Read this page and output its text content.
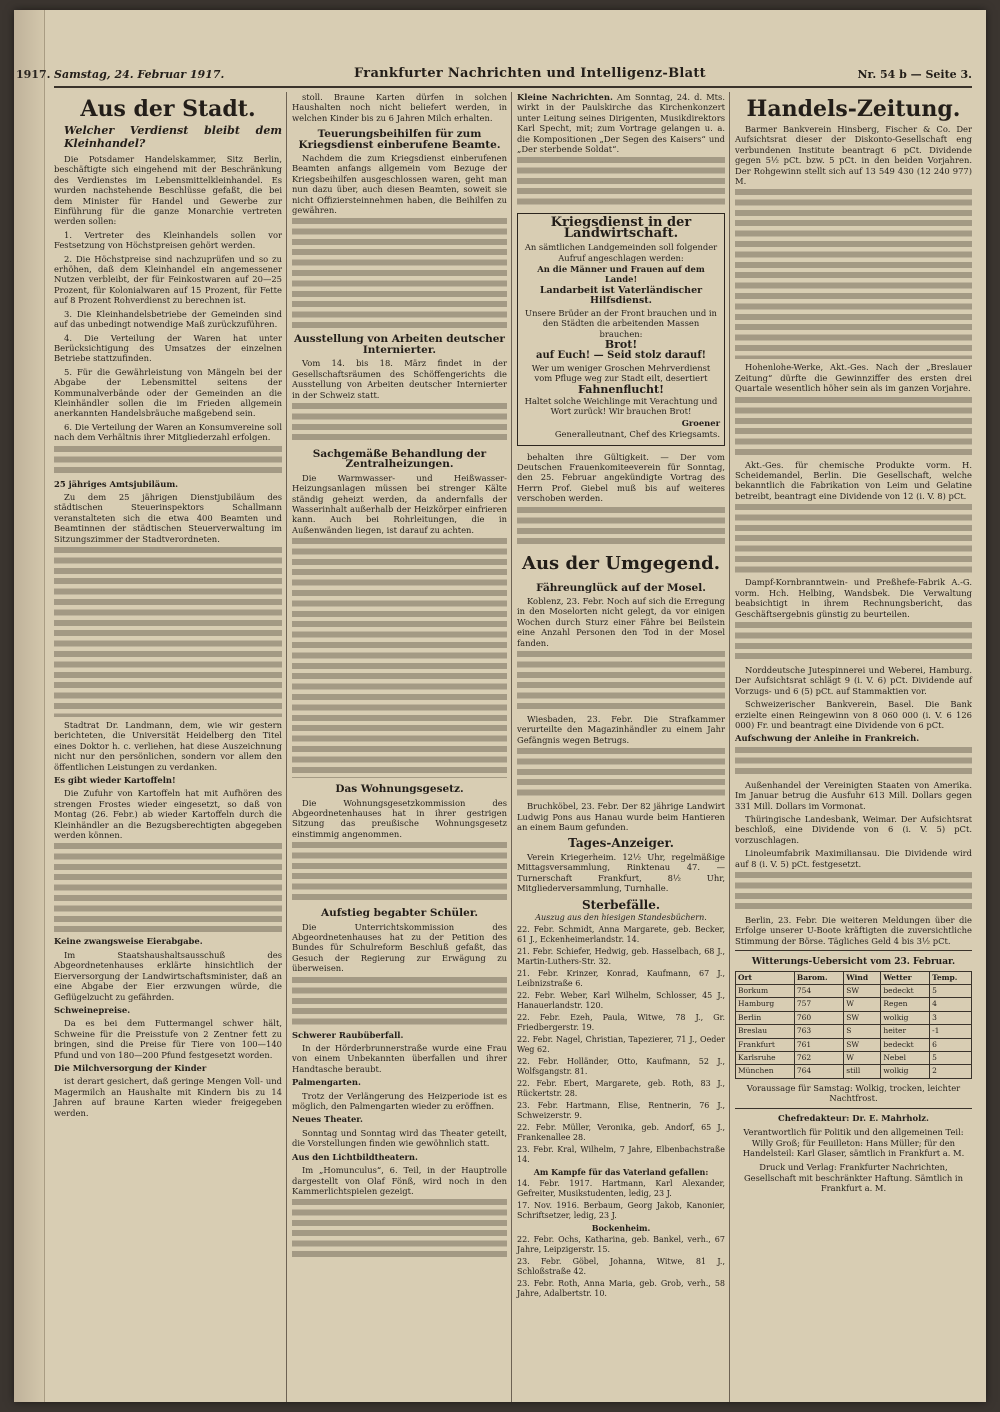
1917. Samstag, 24. Februar 1917.	Frankfurter Nachrichten und Intelligenz-Blatt	Nr. 54 b — Seite 3.
Aus der Stadt.
Welcher Verdienst bleibt dem Kleinhandel?

Die Potsdamer Handelskammer, Sitz Berlin, beschäftigte sich eingehend mit der Beschränkung des Verdienstes im Lebensmittelkleinhandel. Es wurden nachstehende Beschlüsse gefaßt, die bei dem Minister für Handel und Gewerbe zur Einführung für die ganze Monarchie vertreten werden sollen:

1. Vertreter des Kleinhandels sollen vor Festsetzung von Höchstpreisen gehört werden.

2. Die Höchstpreise sind nachzuprüfen und so zu erhöhen, daß dem Kleinhandel ein angemessener Nutzen verbleibt, der für Feinkostwaren auf 20—25 Prozent, für Kolonialwaren auf 15 Prozent, für Fette auf 8 Prozent Rohverdienst zu berechnen ist.

3. Die Kleinhandelsbetriebe der Gemeinden sind auf das unbedingt notwendige Maß zurückzuführen.

4. Die Verteilung der Waren hat unter Berücksichtigung des Umsatzes der einzelnen Betriebe stattzufinden.

5. Für die Gewährleistung von Mängeln bei der Abgabe der Lebensmittel seitens der Kommunalverbände oder der Gemeinden an die Kleinhändler sollen die im Frieden allgemein anerkannten Handelsbräuche maßgebend sein.

6. Die Verteilung der Waren an Konsumvereine soll nach dem Verhältnis ihrer Mitgliederzahl erfolgen.

25 jähriges Amtsjubiläum.

Zu dem 25 jährigen Dienstjubiläum des städtischen Steuerinspektors Schallmann veranstalteten sich die etwa 400 Beamten und Beamtinnen der städtischen Steuerverwaltung im Sitzungszimmer der Stadtverordneten.

Stadtrat Dr. Landmann, dem, wie wir gestern berichteten, die Universität Heidelberg den Titel eines Doktor h. c. verliehen, hat diese Auszeichnung nicht nur den persönlichen, sondern vor allem den öffentlichen Leistungen zu verdanken.

Es gibt wieder Kartoffeln!

Die Zufuhr von Kartoffeln hat mit Aufhören des strengen Frostes wieder eingesetzt, so daß von Montag (26. Febr.) ab wieder Kartoffeln durch die Kleinhändler an die Bezugsberechtigten abgegeben werden können.

Keine zwangsweise Eierabgabe.

Im Staatshaushaltsausschuß des Abgeordnetenhauses erklärte hinsichtlich der Eierversorgung der Landwirtschaftsminister, daß an eine Abgabe der Eier erzwungen würde, die Geflügelzucht zu gefährden.

Schweinepreise.

Da es bei dem Futtermangel schwer hält, Schweine für die Preisstufe von 2 Zentner fett zu bringen, sind die Preise für Tiere von 100—140 Pfund und von 180—200 Pfund festgesetzt worden.

Die Milchversorgung der Kinder

ist derart gesichert, daß geringe Mengen Voll- und Magermilch an Haushalte mit Kindern bis zu 14 Jahren auf braune Karten wieder freigegeben werden.

stoll. Braune Karten dürfen in solchen Haushalten noch nicht beliefert werden, in welchen Kinder bis zu 6 Jahren Milch erhalten.

Teuerungsbeihilfen für zum Kriegsdienst einberufene Beamte.

Nachdem die zum Kriegsdienst einberufenen Beamten anfangs allgemein vom Bezuge der Kriegsbeihilfen ausgeschlossen waren, geht man nun dazu über, auch diesen Beamten, soweit sie nicht Offiziersteinnehmen haben, die Beihilfen zu gewähren.

Ausstellung von Arbeiten deutscher Internierter.

Vom 14. bis 18. März findet in der Gesellschaftsräumen des Schöffengerichts die Ausstellung von Arbeiten deutscher Internierter in der Schweiz statt.

Sachgemäße Behandlung der Zentralheizungen.

Die Warmwasser- und Heißwasser-Heizungsanlagen müssen bei strenger Kälte ständig geheizt werden, da andernfalls der Wasserinhalt außerhalb der Heizkörper einfrieren kann. Auch bei Rohrleitungen, die in Außenwänden liegen, ist darauf zu achten.

Das Wohnungsgesetz.

Die Wohnungsgesetzkommission des Abgeordnetenhauses hat in ihrer gestrigen Sitzung das preußische Wohnungsgesetz einstimmig angenommen.

Aufstieg begabter Schüler.

Die Unterrichtskommission des Abgeordnetenhauses hat zu der Petition des Bundes für Schulreform Beschluß gefaßt, das Gesuch der Regierung zur Erwägung zu überweisen.

Schwerer Raubüberfall.

In der Hörderbrunnerstraße wurde eine Frau von einem Unbekannten überfallen und ihrer Handtasche beraubt.

Palmengarten.

Trotz der Verlängerung des Heizperiode ist es möglich, den Palmengarten wieder zu eröffnen.

Neues Theater.

Sonntag und Sonntag wird das Theater geteilt, die Vorstellungen finden wie gewöhnlich statt.

Aus den Lichtbildtheatern.

Im „Homunculus“, 6. Teil, in der Hauptrolle dargestellt von Olaf Fönß, wird noch in den Kammerlichtspielen gezeigt.

Kleine Nachrichten. Am Sonntag, 24. d. Mts. wirkt in der Paulskirche das Kirchenkonzert unter Leitung seines Dirigenten, Musikdirektors Karl Specht, mit; zum Vortrage gelangen u. a. die Kompositionen „Der Segen des Kaisers“ und „Der sterbende Soldat“.

Kriegsdienst in der Landwirtschaft.
An sämtlichen Landgemeinden soll folgender Aufruf angeschlagen werden:
An die Männer und Frauen auf dem Lande!
Landarbeit ist Vaterländischer Hilfsdienst.
Unsere Brüder an der Front brauchen und in den Städten die arbeitenden Massen brauchen:
Brot!
auf Euch! — Seid stolz darauf!
Wer um weniger Groschen Mehrverdienst vom Pfluge weg zur Stadt eilt, desertiert
Fahnenflucht!
Haltet solche Weichlinge mit Verachtung und Wort zurück! Wir brauchen Brot!
Groener
Generalleutnant, Chef des Kriegsamts.

behalten ihre Gültigkeit. — Der vom Deutschen Frauenkomiteeverein für Sonntag, den 25. Februar angekündigte Vortrag des Herrn Prof. Giebel muß bis auf weiteres verschoben werden.

Aus der Umgegend.
Fähreunglück auf der Mosel.

Koblenz, 23. Febr. Noch auf sich die Erregung in den Moselorten nicht gelegt, da vor einigen Wochen durch Sturz einer Fähre bei Beilstein eine Anzahl Personen den Tod in der Mosel fanden.

Wiesbaden, 23. Febr. Die Strafkammer verurteilte den Magazinhändler zu einem Jahr Gefängnis wegen Betrugs.

Bruchköbel, 23. Febr. Der 82 jährige Landwirt Ludwig Pons aus Hanau wurde beim Hantieren an einem Baum gefunden.

Tages-Anzeiger.

Verein Kriegerheim. 12½ Uhr, regelmäßige Mittagsversammlung, Rinktenau 47. — Turnerschaft Frankfurt, 8½ Uhr, Mitgliederversammlung, Turnhalle.

Sterbefälle.
Auszug aus den hiesigen Standesbüchern.
22. Febr. Schmidt, Anna Margarete, geb. Becker, 61 J., Eckenheimerlandstr. 14.
21. Febr. Schiefer, Hedwig, geb. Hasselbach, 68 J., Martin-Luthers-Str. 32.
21. Febr. Krinzer, Konrad, Kaufmann, 67 J., Leibnizstraße 6.
22. Febr. Weber, Karl Wilhelm, Schlosser, 45 J., Hanauerlandstr. 120.
22. Febr. Ezeh, Paula, Witwe, 78 J., Gr. Friedbergerstr. 19.
22. Febr. Nagel, Christian, Tapezierer, 71 J., Oeder Weg 62.
22. Febr. Holländer, Otto, Kaufmann, 52 J., Wolfsgangstr. 81.
22. Febr. Ebert, Margarete, geb. Roth, 83 J., Rückertstr. 28.
23. Febr. Hartmann, Elise, Rentnerin, 76 J., Schweizerstr. 9.
22. Febr. Müller, Veronika, geb. Andorf, 65 J., Frankenallee 28.
23. Febr. Kral, Wilhelm, 7 Jahre, Elbenbachstraße 14.
Am Kampfe für das Vaterland gefallen:
14. Febr. 1917. Hartmann, Karl Alexander, Gefreiter, Musikstudenten, ledig, 23 J.
17. Nov. 1916. Berbaum, Georg Jakob, Kanonier, Schriftsetzer, ledig, 23 J.
Bockenheim.
22. Febr. Ochs, Katharina, geb. Bankel, verh., 67 Jahre, Leipzigerstr. 15.
23. Febr. Göbel, Johanna, Witwe, 81 J., Schloßstraße 42.
23. Febr. Roth, Anna Maria, geb. Grob, verh., 58 Jahre, Adalbertstr. 10.
Handels-Zeitung.

Barmer Bankverein Hinsberg, Fischer & Co. Der Aufsichtsrat dieser der Diskonto-Gesellschaft eng verbundenen Institute beantragt 6 pCt. Dividende gegen 5½ pCt. bzw. 5 pCt. in den beiden Vorjahren. Der Rohgewinn stellt sich auf 13 549 430 (12 240 977) M.

Hohenlohe-Werke, Akt.-Ges. Nach der „Breslauer Zeitung“ dürfte die Gewinnziffer des ersten drei Quartale wesentlich höher sein als im ganzen Vorjahre.

Akt.-Ges. für chemische Produkte vorm. H. Scheidemandel, Berlin. Die Gesellschaft, welche bekanntlich die Fabrikation von Leim und Gelatine betreibt, beantragt eine Dividende von 12 (i. V. 8) pCt.

Dampf-Kornbranntwein- und Preßhefe-Fabrik A.-G. vorm. Hch. Helbing, Wandsbek. Die Verwaltung beabsichtigt in ihrem Rechnungsbericht, das Geschäftsergebnis günstig zu beurteilen.

Norddeutsche Jutespinnerei und Weberei, Hamburg. Der Aufsichtsrat schlägt 9 (i. V. 6) pCt. Dividende auf Vorzugs- und 6 (5) pCt. auf Stammaktien vor.

Schweizerischer Bankverein, Basel. Die Bank erzielte einen Reingewinn von 8 060 000 (i. V. 6 126 000) Fr. und beantragt eine Dividende von 6 pCt.

Aufschwung der Anleihe in Frankreich.

Außenhandel der Vereinigten Staaten von Amerika. Im Januar betrug die Ausfuhr 613 Mill. Dollars gegen 331 Mill. Dollars im Vormonat.

Thüringische Landesbank, Weimar. Der Aufsichtsrat beschloß, eine Dividende von 6 (i. V. 5) pCt. vorzuschlagen.

Linoleumfabrik Maximiliansau. Die Dividende wird auf 8 (i. V. 5) pCt. festgesetzt.

Berlin, 23. Febr. Die weiteren Meldungen über die Erfolge unserer U-Boote kräftigten die zuversichtliche Stimmung der Börse. Tägliches Geld 4 bis 3½ pCt.

Witterungs-Uebersicht vom 23. Februar.
Ort	Barom.	Wind	Wetter	Temp.
Borkum	754	SW	bedeckt	5
Hamburg	757	W	Regen	4
Berlin	760	SW	wolkig	3
Breslau	763	S	heiter	-1
Frankfurt	761	SW	bedeckt	6
Karlsruhe	762	W	Nebel	5
München	764	still	wolkig	2
Voraussage für Samstag: Wolkig, trocken, leichter Nachtfrost.
Chefredakteur: Dr. E. Mahrholz.
Verantwortlich für Politik und den allgemeinen Teil: Willy Groß; für Feuilleton: Hans Müller; für den Handelsteil: Karl Glaser, sämtlich in Frankfurt a. M.
Druck und Verlag: Frankfurter Nachrichten, Gesellschaft mit beschränkter Haftung. Sämtlich in Frankfurt a. M.
